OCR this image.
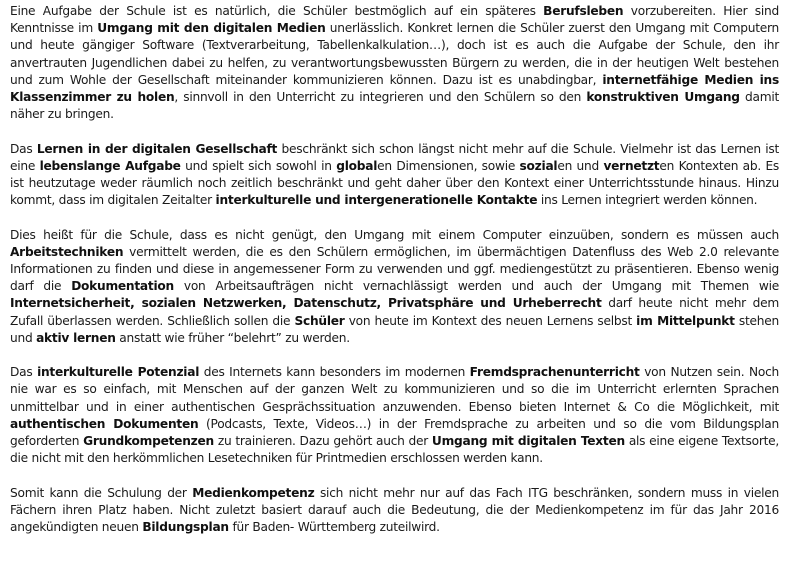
Eine Aufgabe der Schule ist es natürlich, die Schüler bestmöglich auf ein späteres Berufsleben vorzubereiten. Hier sind Kenntnisse im Umgang mit den digitalen Medien unerlässlich. Konkret lernen die Schüler zuerst den Umgang mit Computern und heute gängiger Software (Textverarbeitung, Tabellenkalkulation…), doch ist es auch die Aufgabe der Schule, den ihr anvertrauten Jugendlichen dabei zu helfen, zu verantwortungsbewussten Bürgern zu werden, die in der heutigen Welt bestehen und zum Wohle der Gesellschaft miteinander kommunizieren können. Dazu ist es unabdingbar, internetfähige Medien ins Klassenzimmer zu holen, sinnvoll in den Unterricht zu integrieren und den Schülern so den konstruktiven Umgang damit näher zu bringen.

Das Lernen in der digitalen Gesellschaft beschränkt sich schon längst nicht mehr auf die Schule. Vielmehr ist das Lernen ist eine lebenslange Aufgabe und spielt sich sowohl in globalen Dimensionen, sowie sozialen und vernetzten Kontexten ab. Es ist heutzutage weder räumlich noch zeitlich beschränkt und geht daher über den Kontext einer Unterrichtsstunde hinaus. Hinzu kommt, dass im digitalen Zeitalter interkulturelle und intergenerationelle Kontakte ins Lernen integriert werden können.

Dies heißt für die Schule, dass es nicht genügt, den Umgang mit einem Computer einzuüben, sondern es müssen auch Arbeitstechniken vermittelt werden, die es den Schülern ermöglichen, im übermächtigen Datenfluss des Web 2.0 relevante Informationen zu finden und diese in angemessener Form zu verwenden und ggf. mediengestützt zu präsentieren. Ebenso wenig darf die Dokumentation von Arbeitsaufträgen nicht vernachlässigt werden und auch der Umgang mit Themen wie Internetsicherheit, sozialen Netzwerken, Datenschutz, Privatsphäre und Urheberrecht darf heute nicht mehr dem Zufall überlassen werden. Schließlich sollen die Schüler von heute im Kontext des neuen Lernens selbst im Mittelpunkt stehen und aktiv lernen anstatt wie früher “belehrt” zu werden.

Das interkulturelle Potenzial des Internets kann besonders im modernen Fremdsprachenunterricht von Nutzen sein. Noch nie war es so einfach, mit Menschen auf der ganzen Welt zu kommunizieren und so die im Unterricht erlernten Sprachen unmittelbar und in einer authentischen Gesprächssituation anzuwenden. Ebenso bieten Internet & Co die Möglichkeit, mit authentischen Dokumenten (Podcasts, Texte, Videos…) in der Fremdsprache zu arbeiten und so die vom Bildungsplan geforderten Grundkompetenzen zu trainieren. Dazu gehört auch der Umgang mit digitalen Texten als eine eigene Textsorte, die nicht mit den herkömmlichen Lesetechniken für Printmedien erschlossen werden kann.

Somit kann die Schulung der Medienkompetenz sich nicht mehr nur auf das Fach ITG beschränken, sondern muss in vielen Fächern ihren Platz haben. Nicht zuletzt basiert darauf auch die Bedeutung, die der Medienkompetenz im für das Jahr 2016 angekündigten neuen Bildungsplan für Baden- Württemberg zuteilwird.
